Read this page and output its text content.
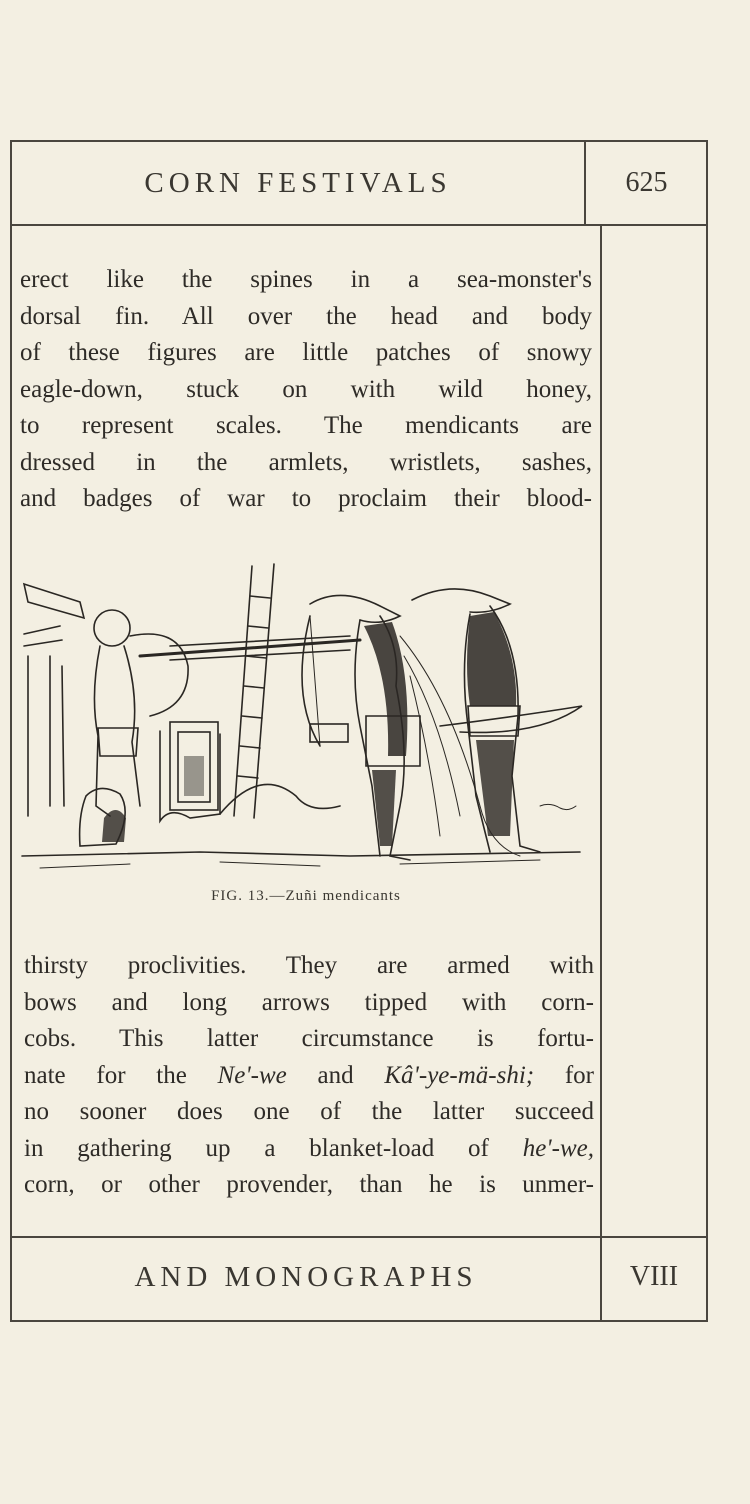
CORN FESTIVALS	625
erect like the spines in a sea-monster's
dorsal fin. All over the head and body
of these figures are little patches of snowy
eagle-down, stuck on with wild honey,
to represent scales. The mendicants are
dressed in the armlets, wristlets, sashes,
and badges of war to proclaim their blood-
FIG. 13.—Zuñi mendicants
thirsty proclivities. They are armed with
bows and long arrows tipped with corn-
cobs. This latter circumstance is fortu-
nate for the Ne'-we and Kâ'-ye-mä-shi; for
no sooner does one of the latter succeed
in gathering up a blanket-load of he'-we,
corn, or other provender, than he is unmer-
AND MONOGRAPHS	VIII
